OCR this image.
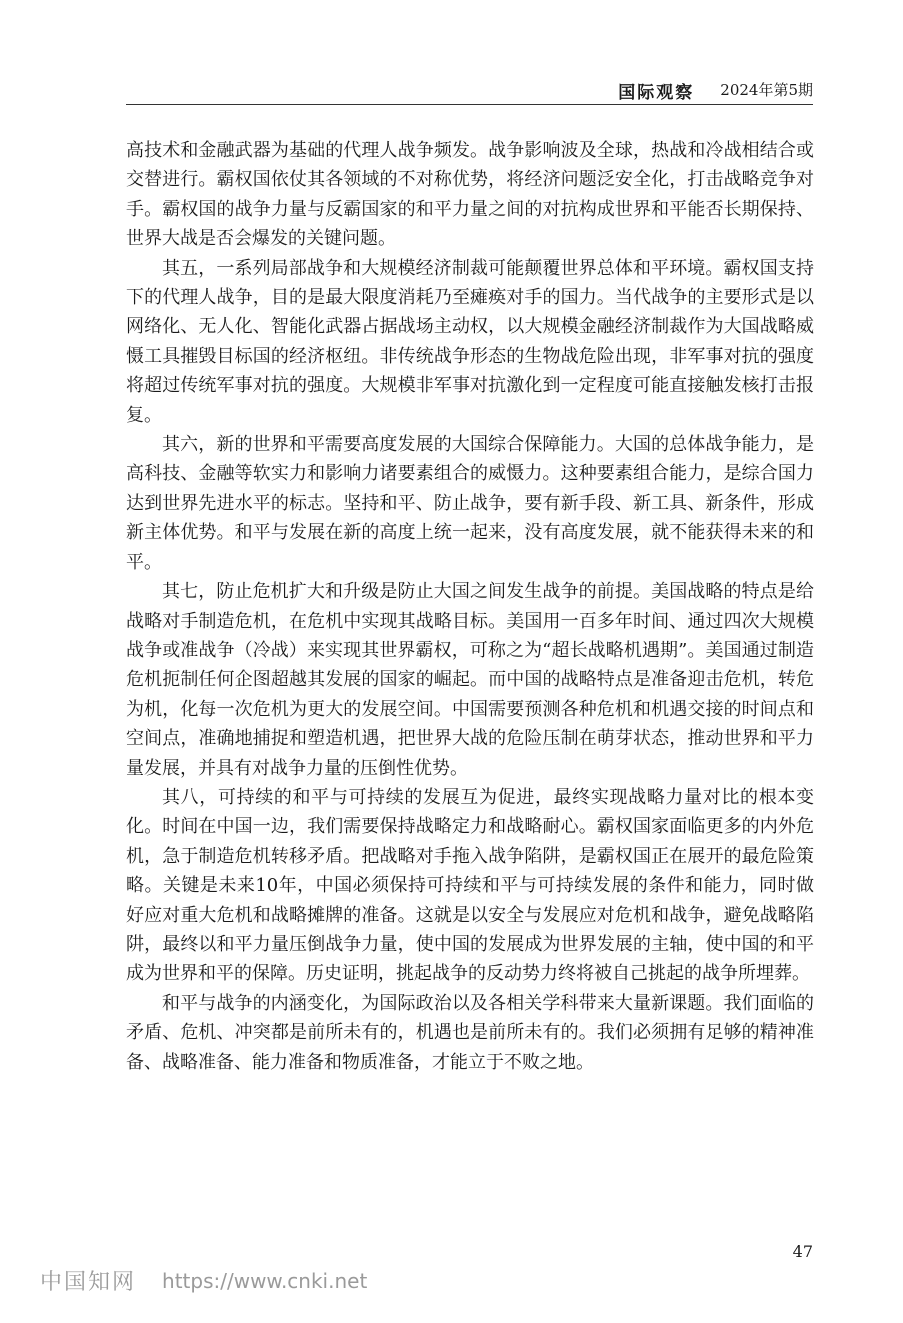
国际观察 2024年第5期

高技术和金融武器为基础的代理人战争频发。战争影响波及全球，热战和冷战相结合或交替进行。霸权国依仗其各领域的不对称优势，将经济问题泛安全化，打击战略竞争对手。霸权国的战争力量与反霸国家的和平力量之间的对抗构成世界和平能否长期保持、世界大战是否会爆发的关键问题。

其五，一系列局部战争和大规模经济制裁可能颠覆世界总体和平环境。霸权国支持下的代理人战争，目的是最大限度消耗乃至瘫痪对手的国力。当代战争的主要形式是以网络化、无人化、智能化武器占据战场主动权，以大规模金融经济制裁作为大国战略威慑工具摧毁目标国的经济枢纽。非传统战争形态的生物战危险出现，非军事对抗的强度将超过传统军事对抗的强度。大规模非军事对抗激化到一定程度可能直接触发核打击报复。

其六，新的世界和平需要高度发展的大国综合保障能力。大国的总体战争能力，是高科技、金融等软实力和影响力诸要素组合的威慑力。这种要素组合能力，是综合国力达到世界先进水平的标志。坚持和平、防止战争，要有新手段、新工具、新条件，形成新主体优势。和平与发展在新的高度上统一起来，没有高度发展，就不能获得未来的和平。

其七，防止危机扩大和升级是防止大国之间发生战争的前提。美国战略的特点是给战略对手制造危机，在危机中实现其战略目标。美国用一百多年时间、通过四次大规模战争或准战争（冷战）来实现其世界霸权，可称之为“超长战略机遇期”。美国通过制造危机扼制任何企图超越其发展的国家的崛起。而中国的战略特点是准备迎击危机，转危为机，化每一次危机为更大的发展空间。中国需要预测各种危机和机遇交接的时间点和空间点，准确地捕捉和塑造机遇，把世界大战的危险压制在萌芽状态，推动世界和平力量发展，并具有对战争力量的压倒性优势。

其八，可持续的和平与可持续的发展互为促进，最终实现战略力量对比的根本变化。时间在中国一边，我们需要保持战略定力和战略耐心。霸权国家面临更多的内外危机，急于制造危机转移矛盾。把战略对手拖入战争陷阱，是霸权国正在展开的最危险策略。关键是未来10年，中国必须保持可持续和平与可持续发展的条件和能力，同时做好应对重大危机和战略摊牌的准备。这就是以安全与发展应对危机和战争，避免战略陷阱，最终以和平力量压倒战争力量，使中国的发展成为世界发展的主轴，使中国的和平成为世界和平的保障。历史证明，挑起战争的反动势力终将被自己挑起的战争所埋葬。

和平与战争的内涵变化，为国际政治以及各相关学科带来大量新课题。我们面临的矛盾、危机、冲突都是前所未有的，机遇也是前所未有的。我们必须拥有足够的精神准备、战略准备、能力准备和物质准备，才能立于不败之地。

47
中国知网 https://www.cnki.net
